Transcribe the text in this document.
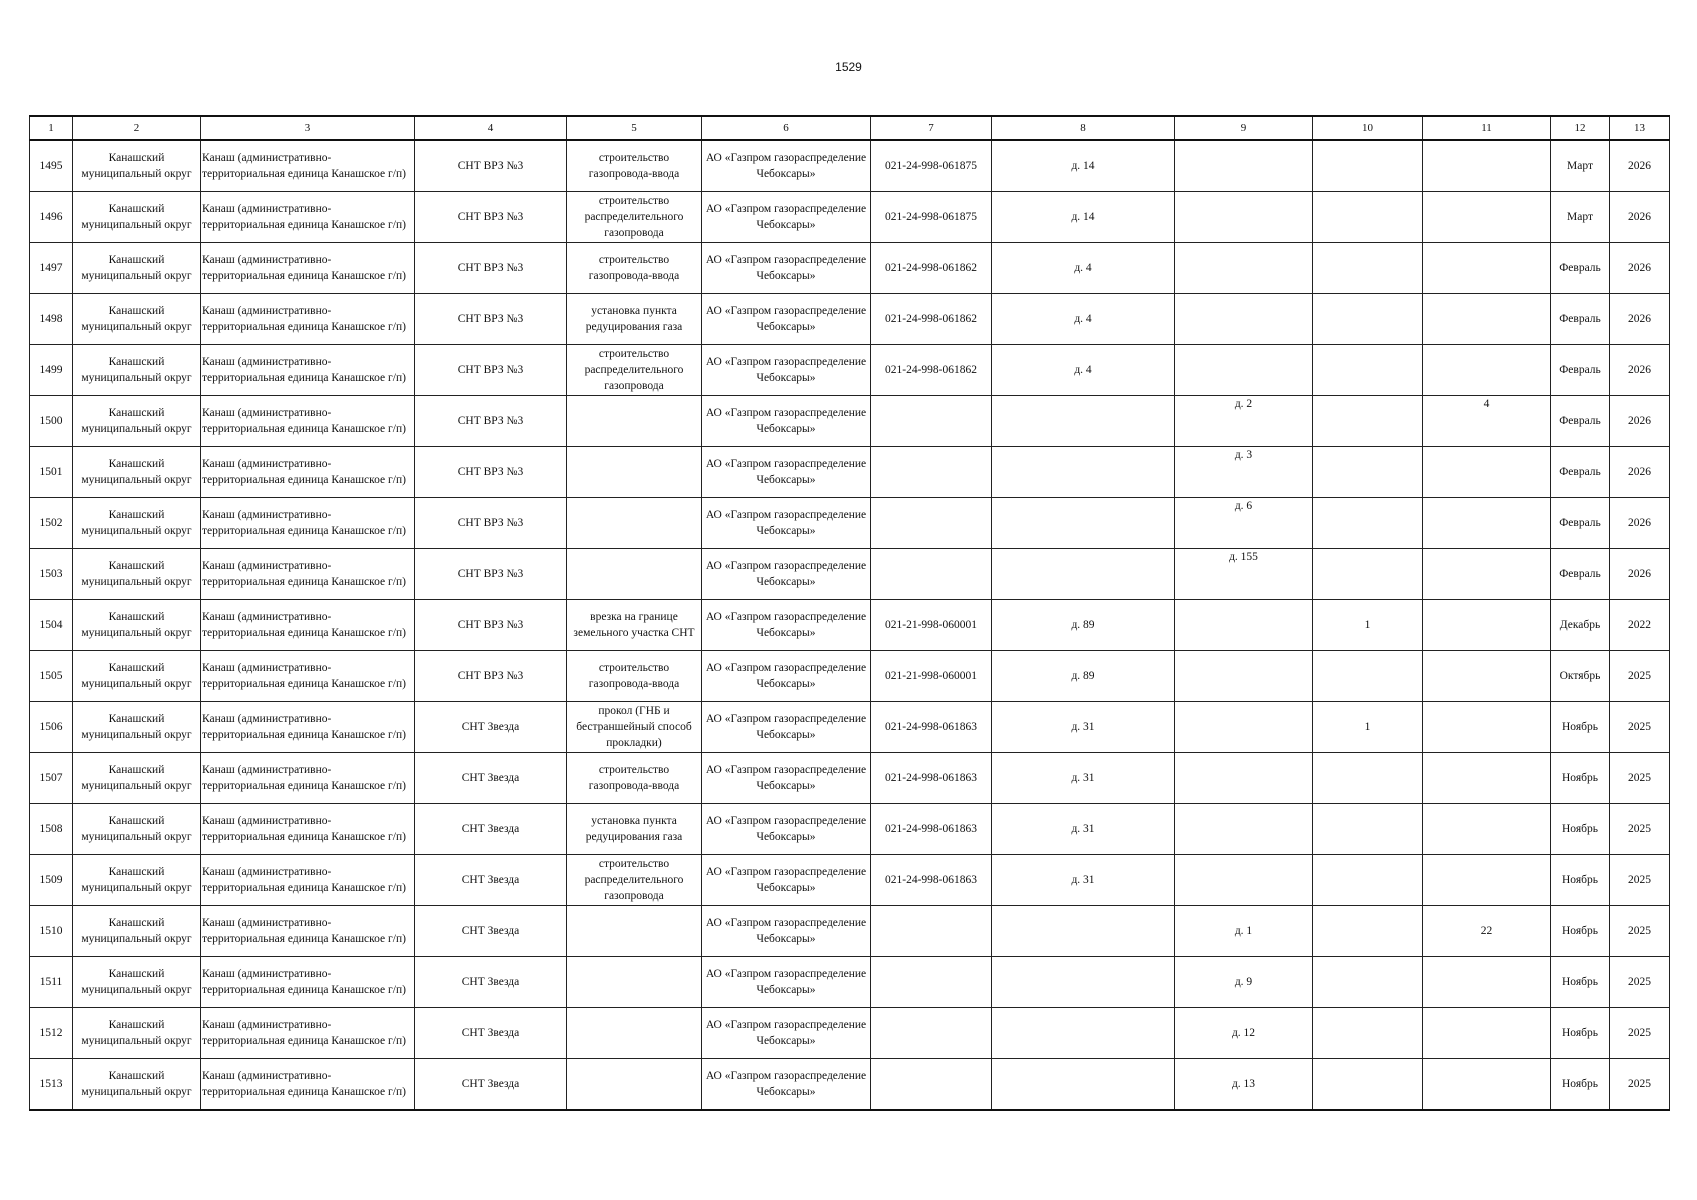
1529
1	2	3	4	5	6	7	8	9	10	11	12	13
1495	Канашский муниципальный округ	Канаш (административно-территориальная единица Канашское г/п)	СНТ ВРЗ №3	строительство газопровода-ввода	АО «Газпром газораспределение Чебоксары»	021-24-998-061875	д. 14				Март	2026
1496	Канашский муниципальный округ	Канаш (административно-территориальная единица Канашское г/п)	СНТ ВРЗ №3	строительство распределительного газопровода	АО «Газпром газораспределение Чебоксары»	021-24-998-061875	д. 14				Март	2026
1497	Канашский муниципальный округ	Канаш (административно-территориальная единица Канашское г/п)	СНТ ВРЗ №3	строительство газопровода-ввода	АО «Газпром газораспределение Чебоксары»	021-24-998-061862	д. 4				Февраль	2026
1498	Канашский муниципальный округ	Канаш (административно-территориальная единица Канашское г/п)	СНТ ВРЗ №3	установка пункта редуцирования газа	АО «Газпром газораспределение Чебоксары»	021-24-998-061862	д. 4				Февраль	2026
1499	Канашский муниципальный округ	Канаш (административно-территориальная единица Канашское г/п)	СНТ ВРЗ №3	строительство распределительного газопровода	АО «Газпром газораспределение Чебоксары»	021-24-998-061862	д. 4				Февраль	2026
1500	Канашский муниципальный округ	Канаш (административно-территориальная единица Канашское г/п)	СНТ ВРЗ №3		АО «Газпром газораспределение Чебоксары»			д. 2		4	Февраль	2026
1501	Канашский муниципальный округ	Канаш (административно-территориальная единица Канашское г/п)	СНТ ВРЗ №3		АО «Газпром газораспределение Чебоксары»			д. 3			Февраль	2026
1502	Канашский муниципальный округ	Канаш (административно-территориальная единица Канашское г/п)	СНТ ВРЗ №3		АО «Газпром газораспределение Чебоксары»			д. 6			Февраль	2026
1503	Канашский муниципальный округ	Канаш (административно-территориальная единица Канашское г/п)	СНТ ВРЗ №3		АО «Газпром газораспределение Чебоксары»			д. 155			Февраль	2026
1504	Канашский муниципальный округ	Канаш (административно-территориальная единица Канашское г/п)	СНТ ВРЗ №3	врезка на границе земельного участка СНТ	АО «Газпром газораспределение Чебоксары»	021-21-998-060001	д. 89		1		Декабрь	2022
1505	Канашский муниципальный округ	Канаш (административно-территориальная единица Канашское г/п)	СНТ ВРЗ №3	строительство газопровода-ввода	АО «Газпром газораспределение Чебоксары»	021-21-998-060001	д. 89				Октябрь	2025
1506	Канашский муниципальный округ	Канаш (административно-территориальная единица Канашское г/п)	СНТ Звезда	прокол (ГНБ и бестраншейный способ прокладки)	АО «Газпром газораспределение Чебоксары»	021-24-998-061863	д. 31		1		Ноябрь	2025
1507	Канашский муниципальный округ	Канаш (административно-территориальная единица Канашское г/п)	СНТ Звезда	строительство газопровода-ввода	АО «Газпром газораспределение Чебоксары»	021-24-998-061863	д. 31				Ноябрь	2025
1508	Канашский муниципальный округ	Канаш (административно-территориальная единица Канашское г/п)	СНТ Звезда	установка пункта редуцирования газа	АО «Газпром газораспределение Чебоксары»	021-24-998-061863	д. 31				Ноябрь	2025
1509	Канашский муниципальный округ	Канаш (административно-территориальная единица Канашское г/п)	СНТ Звезда	строительство распределительного газопровода	АО «Газпром газораспределение Чебоксары»	021-24-998-061863	д. 31				Ноябрь	2025
1510	Канашский муниципальный округ	Канаш (административно-территориальная единица Канашское г/п)	СНТ Звезда		АО «Газпром газораспределение Чебоксары»			д. 1		22	Ноябрь	2025
1511	Канашский муниципальный округ	Канаш (административно-территориальная единица Канашское г/п)	СНТ Звезда		АО «Газпром газораспределение Чебоксары»			д. 9			Ноябрь	2025
1512	Канашский муниципальный округ	Канаш (административно-территориальная единица Канашское г/п)	СНТ Звезда		АО «Газпром газораспределение Чебоксары»			д. 12			Ноябрь	2025
1513	Канашский муниципальный округ	Канаш (административно-территориальная единица Канашское г/п)	СНТ Звезда		АО «Газпром газораспределение Чебоксары»			д. 13			Ноябрь	2025
